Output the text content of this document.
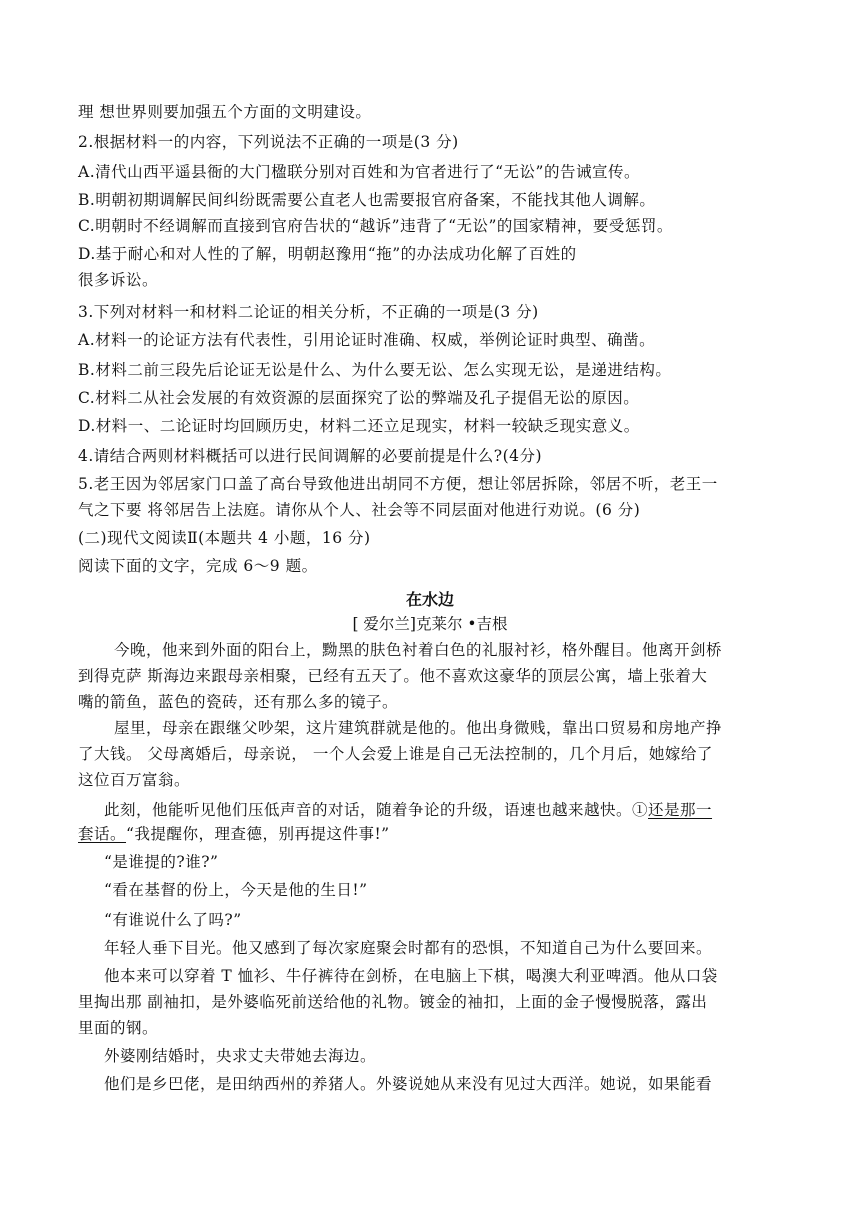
理 想世界则要加强五个方面的文明建设。
2.根据材料一的内容，下列说法不正确的一项是(3 分)
A.清代山西平遥县衙的大门楹联分别对百姓和为官者进行了“无讼”的告诫宣传。
B.明朝初期调解民间纠纷既需要公直老人也需要报官府备案，不能找其他人调解。
C.明朝时不经调解而直接到官府告状的“越诉”违背了“无讼”的国家精神，要受惩罚。
D.基于耐心和对人性的了解，明朝赵豫用“拖”的办法成功化解了百姓的
很多诉讼。
3.下列对材料一和材料二论证的相关分析，不正确的一项是(3 分)
A.材料一的论证方法有代表性，引用论证时准确、权威，举例论证时典型、确凿。
B.材料二前三段先后论证无讼是什么、为什么要无讼、怎么实现无讼，是递进结构。
C.材料二从社会发展的有效资源的层面探究了讼的弊端及孔子提倡无讼的原因。
D.材料一、二论证时均回顾历史，材料二还立足现实，材料一较缺乏现实意义。
4.请结合两则材料概括可以进行民间调解的必要前提是什么?(4分)
5.老王因为邻居家门口盖了高台导致他进出胡同不方便，想让邻居拆除，邻居不听，老王一
气之下要 将邻居告上法庭。请你从个人、社会等不同层面对他进行劝说。(6 分)
(二)现代文阅读Ⅱ(本题共 4 小题，16 分)
阅读下面的文字，完成 6～9 题。
在水边
[ 爱尔兰]克莱尔 •吉根
今晚，他来到外面的阳台上，黝黑的肤色衬着白色的礼服衬衫，格外醒目。他离开剑桥
到得克萨 斯海边来跟母亲相聚，已经有五天了。他不喜欢这豪华的顶层公寓，墙上张着大
嘴的箭鱼，蓝色的瓷砖，还有那么多的镜子。
屋里，母亲在跟继父吵架，这片建筑群就是他的。他出身微贱，靠出口贸易和房地产挣
了大钱。 父母离婚后，母亲说， 一个人会爱上谁是自己无法控制的，几个月后，她嫁给了
这位百万富翁。
此刻，他能听见他们压低声音的对话，随着争论的升级，语速也越来越快。①还是那一
套话。“我提醒你，理查德，别再提这件事!”
“是谁提的?谁?”
“看在基督的份上，今天是他的生日!”
“有谁说什么了吗?”
年轻人垂下目光。他又感到了每次家庭聚会时都有的恐惧，不知道自己为什么要回来。
他本来可以穿着 T 恤衫、牛仔裤待在剑桥，在电脑上下棋，喝澳大利亚啤酒。他从口袋
里掏出那 副袖扣，是外婆临死前送给他的礼物。镀金的袖扣，上面的金子慢慢脱落，露出
里面的钢。
外婆刚结婚时，央求丈夫带她去海边。
他们是乡巴佬，是田纳西州的养猪人。外婆说她从来没有见过大西洋。她说，如果能看
